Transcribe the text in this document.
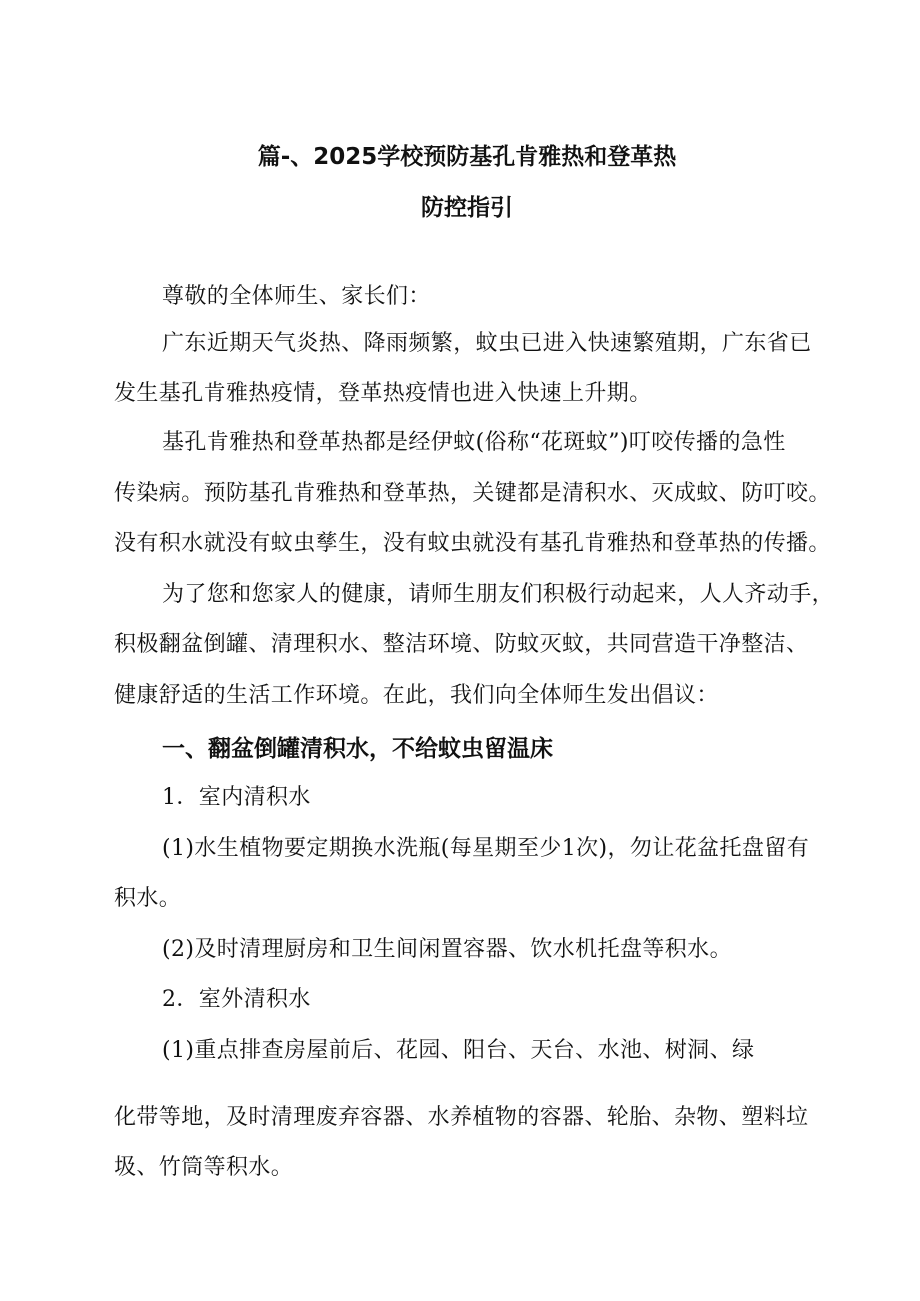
篇-、2025学校预防基孔肯雅热和登革热
防控指引
尊敬的全体师生、家长们：
广东近期天气炎热、降雨频繁，蚊虫已进入快速繁殖期，广东省已
发生基孔肯雅热疫情，登革热疫情也进入快速上升期。
基孔肯雅热和登革热都是经伊蚊(俗称“花斑蚊”)叮咬传播的急性
传染病。预防基孔肯雅热和登革热，关键都是清积水、灭成蚊、防叮咬。
没有积水就没有蚊虫孳生，没有蚊虫就没有基孔肯雅热和登革热的传播。
为了您和您家人的健康，请师生朋友们积极行动起来，人人齐动手，
积极翻盆倒罐、清理积水、整洁环境、防蚊灭蚊，共同营造干净整洁、
健康舒适的生活工作环境。在此，我们向全体师生发出倡议：
一、翻盆倒罐清积水，不给蚊虫留温床
1．室内清积水
(1)水生植物要定期换水洗瓶(每星期至少1次)，勿让花盆托盘留有
积水。
(2)及时清理厨房和卫生间闲置容器、饮水机托盘等积水。
2．室外清积水
(1)重点排查房屋前后、花园、阳台、天台、水池、树洞、绿
化带等地，及时清理废弃容器、水养植物的容器、轮胎、杂物、塑料垃
圾、竹筒等积水。
